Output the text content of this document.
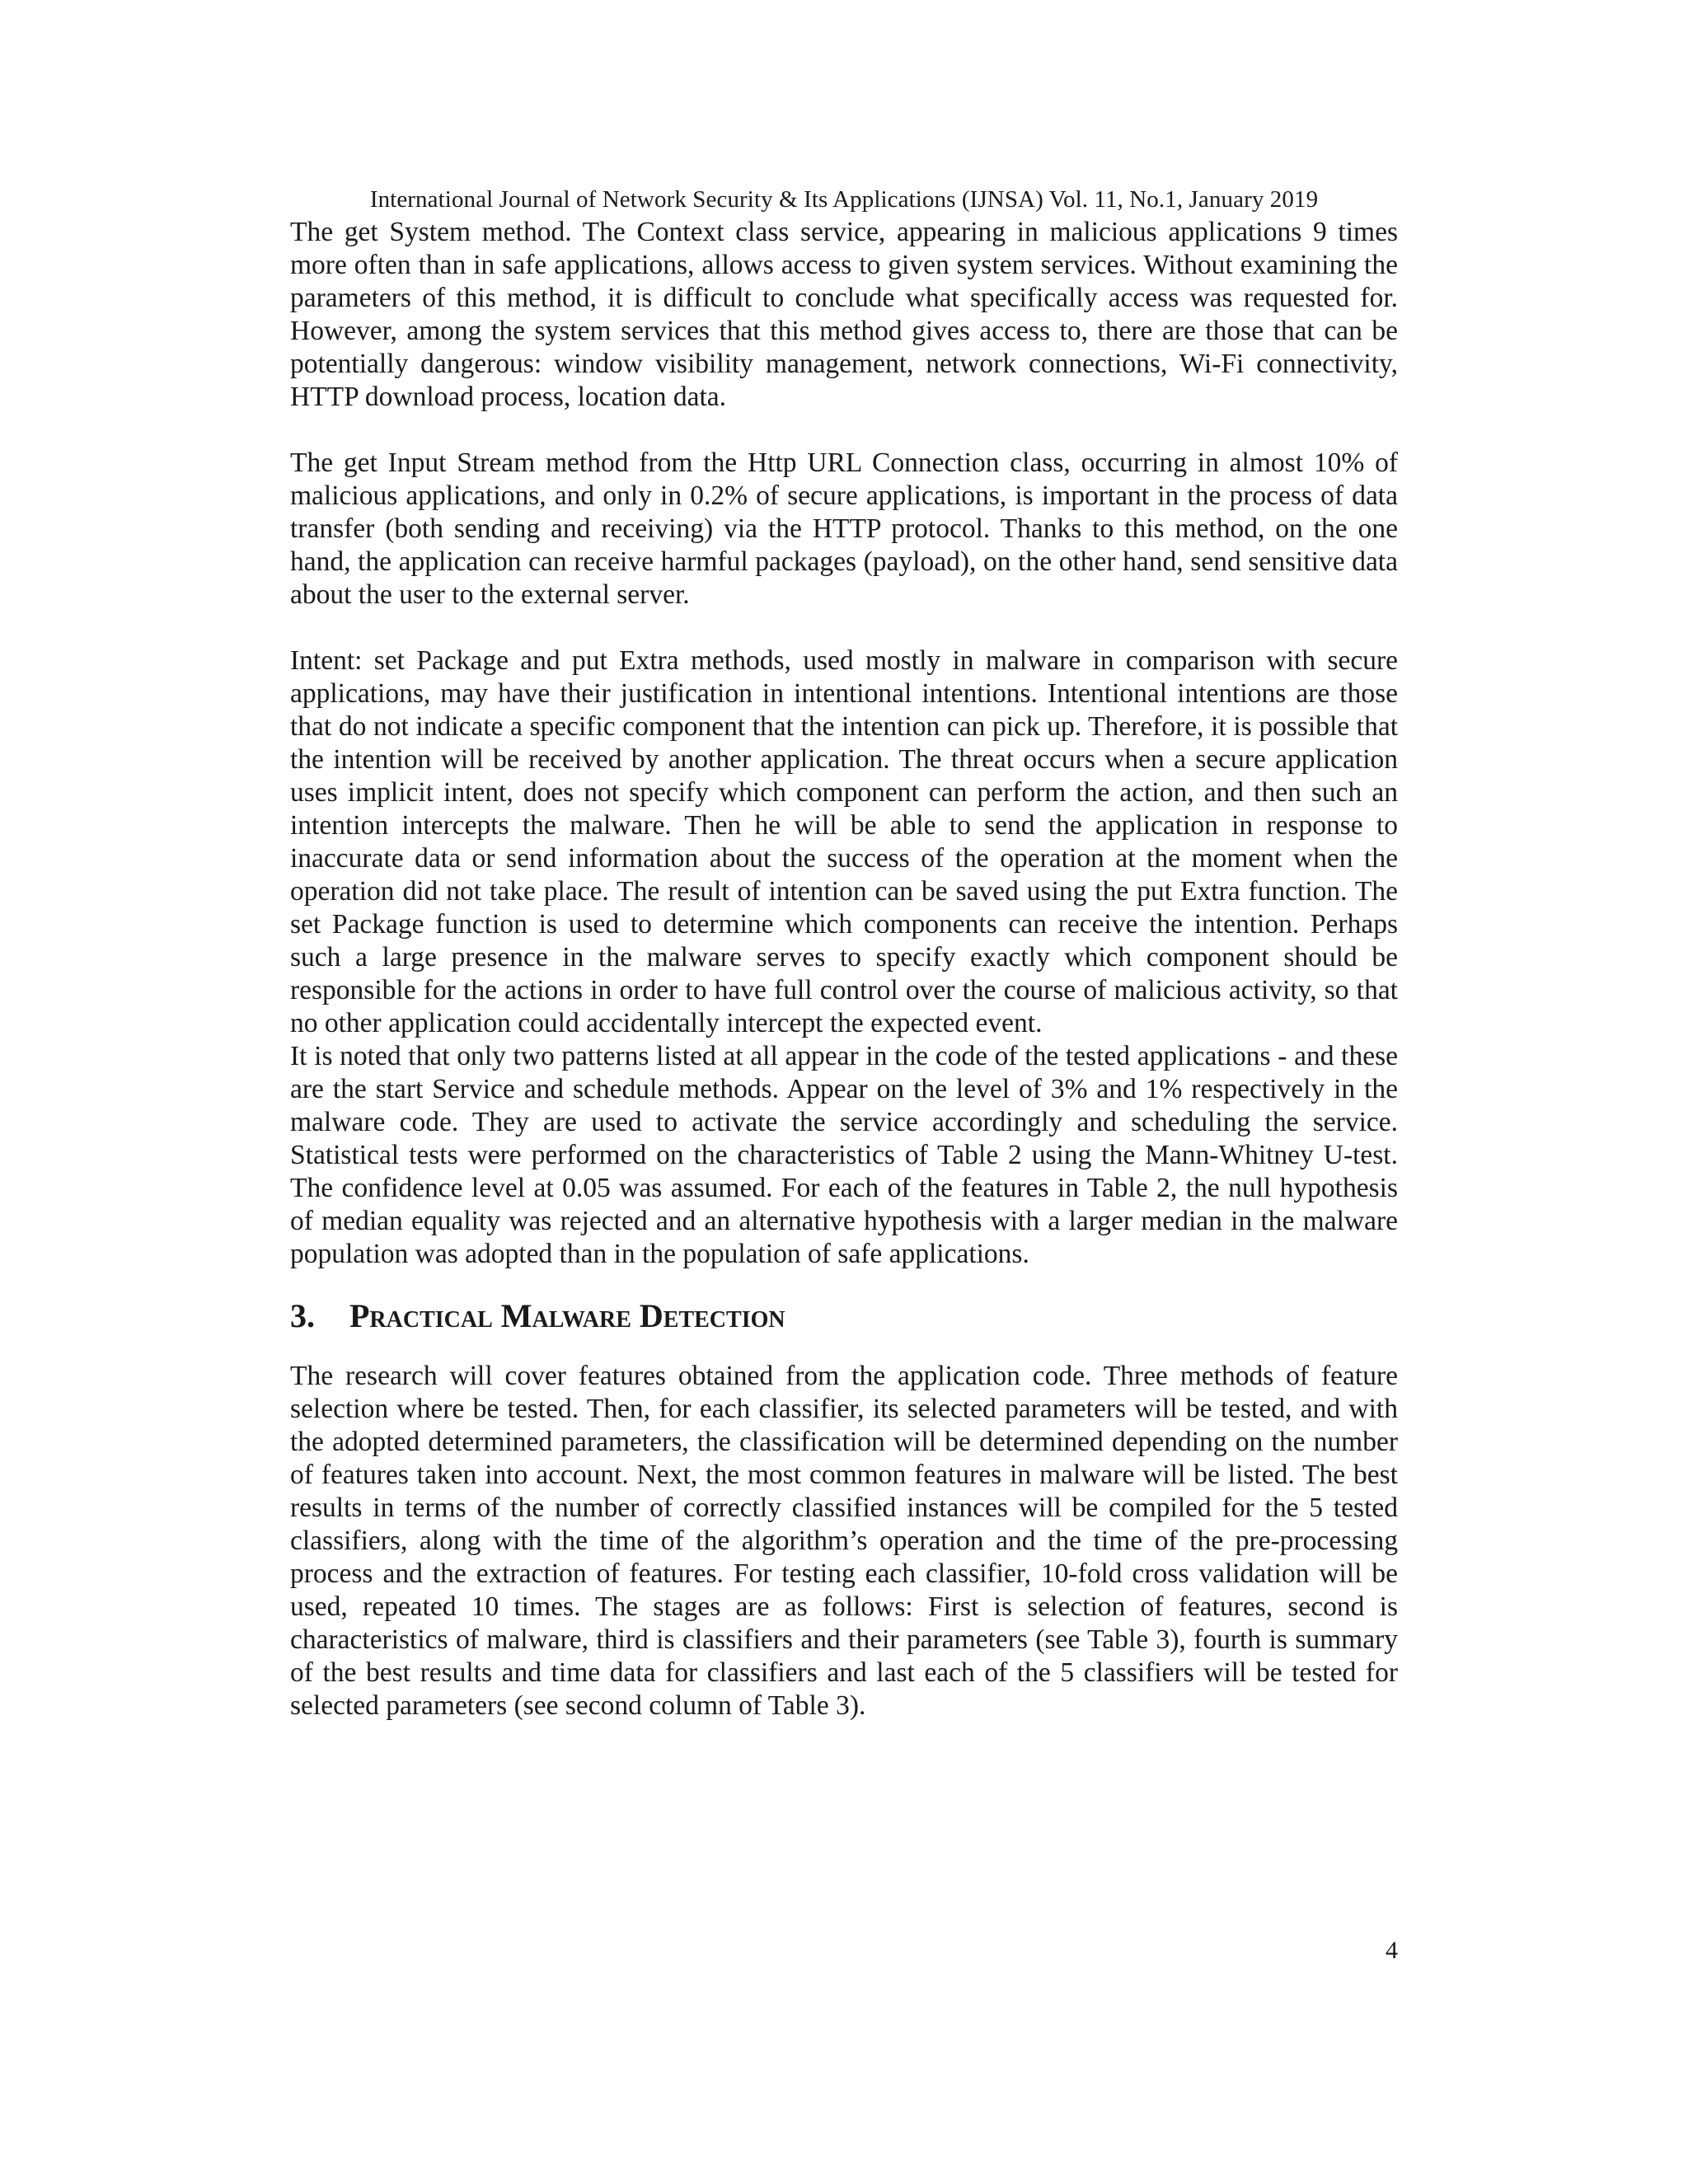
International Journal of Network Security & Its Applications (IJNSA) Vol. 11, No.1, January 2019

The get System method. The Context class service, appearing in malicious applications 9 times more often than in safe applications, allows access to given system services. Without examining the parameters of this method, it is difficult to conclude what specifically access was requested for. However, among the system services that this method gives access to, there are those that can be potentially dangerous: window visibility management, network connections, Wi-Fi connectivity, HTTP download process, location data.

The get Input Stream method from the Http URL Connection class, occurring in almost 10% of malicious applications, and only in 0.2% of secure applications, is important in the process of data transfer (both sending and receiving) via the HTTP protocol. Thanks to this method, on the one hand, the application can receive harmful packages (payload), on the other hand, send sensitive data about the user to the external server.

Intent: set Package and put Extra methods, used mostly in malware in comparison with secure applications, may have their justification in intentional intentions. Intentional intentions are those that do not indicate a specific component that the intention can pick up. Therefore, it is possible that the intention will be received by another application. The threat occurs when a secure application uses implicit intent, does not specify which component can perform the action, and then such an intention intercepts the malware. Then he will be able to send the application in response to inaccurate data or send information about the success of the operation at the moment when the operation did not take place. The result of intention can be saved using the put Extra function. The set Package function is used to determine which components can receive the intention. Perhaps such a large presence in the malware serves to specify exactly which component should be responsible for the actions in order to have full control over the course of malicious activity, so that no other application could accidentally intercept the expected event.

It is noted that only two patterns listed at all appear in the code of the tested applications - and these are the start Service and schedule methods. Appear on the level of 3% and 1% respectively in the malware code. They are used to activate the service accordingly and scheduling the service. Statistical tests were performed on the characteristics of Table 2 using the Mann-Whitney U-test. The confidence level at 0.05 was assumed. For each of the features in Table 2, the null hypothesis of median equality was rejected and an alternative hypothesis with a larger median in the malware population was adopted than in the population of safe applications.

3. Practical Malware Detection

The research will cover features obtained from the application code. Three methods of feature selection where be tested. Then, for each classifier, its selected parameters will be tested, and with the adopted determined parameters, the classification will be determined depending on the number of features taken into account. Next, the most common features in malware will be listed. The best results in terms of the number of correctly classified instances will be compiled for the 5 tested classifiers, along with the time of the algorithm’s operation and the time of the pre-processing process and the extraction of features. For testing each classifier, 10-fold cross validation will be used, repeated 10 times. The stages are as follows: First is selection of features, second is characteristics of malware, third is classifiers and their parameters (see Table 3), fourth is summary of the best results and time data for classifiers and last each of the 5 classifiers will be tested for selected parameters (see second column of Table 3).

4
